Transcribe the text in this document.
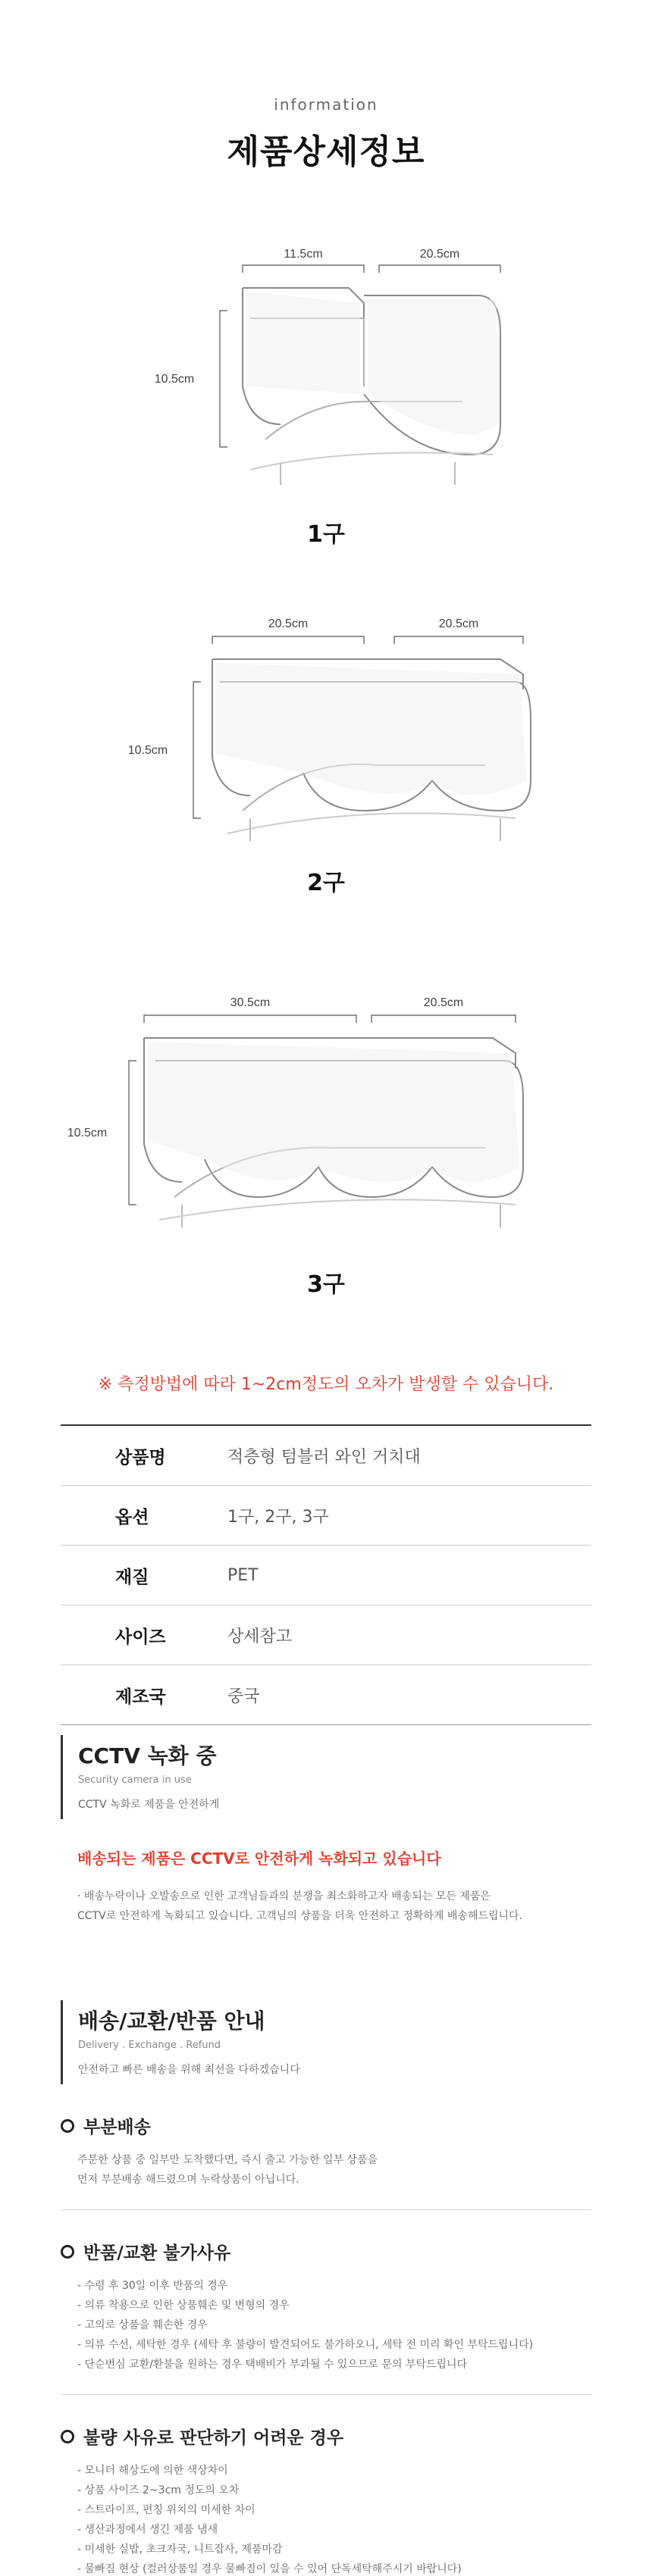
information
제품상세정보
11.5cm	20.5cm
10.5cm
1구
20.5cm	20.5cm
10.5cm
2구
30.5cm	20.5cm
10.5cm
3구
※ 측정방법에 따라 1~2cm정도의 오차가 발생할 수 있습니다.
상품명	적층형 텀블러 와인 거치대
옵션	1구, 2구, 3구
재질	PET
사이즈	상세참고
제조국	중국
CCTV 녹화 중
Security camera in use
CCTV 녹화로 제품을 안전하게
배송되는 제품은 CCTV로 안전하게 녹화되고 있습니다
· 배송누락이나 오발송으로 인한 고객님들과의 분쟁을 최소화하고자 배송되는 모든 제품은
CCTV로 안전하게 녹화되고 있습니다. 고객님의 상품을 더욱 안전하고 정확하게 배송해드립니다.
배송/교환/반품 안내
Delivery . Exchange . Refund
안전하고 빠른 배송을 위해 최선을 다하겠습니다
부분배송
주문한 상품 중 일부만 도착했다면, 즉시 출고 가능한 일부 상품을
먼저 부분배송 해드렸으며 누락상품이 아닙니다.
반품/교환 불가사유
- 수령 후 30일 이후 반품의 경우
- 의류 착용으로 인한 상품훼손 및 변형의 경우
- 고의로 상품을 훼손한 경우
- 의류 수선, 세탁한 경우 (세탁 후 불량이 발견되어도 불가하오니, 세탁 전 미리 확인 부탁드립니다)
- 단순변심 교환/환불을 원하는 경우 택배비가 부과될 수 있으므로 문의 부탁드립니다
불량 사유로 판단하기 어려운 경우
- 모니터 해상도에 의한 색상차이
- 상품 사이즈 2~3cm 정도의 오차
- 스트라이프, 편칭 위치의 미세한 차이
- 생산과정에서 생긴 제품 냄새
- 미세한 실밥, 초크자국, 니트잡사, 제품마감
- 물빠짐 현상 (컬러상품일 경우 물빠짐이 있을 수 있어 단독세탁해주시기 바랍니다)
